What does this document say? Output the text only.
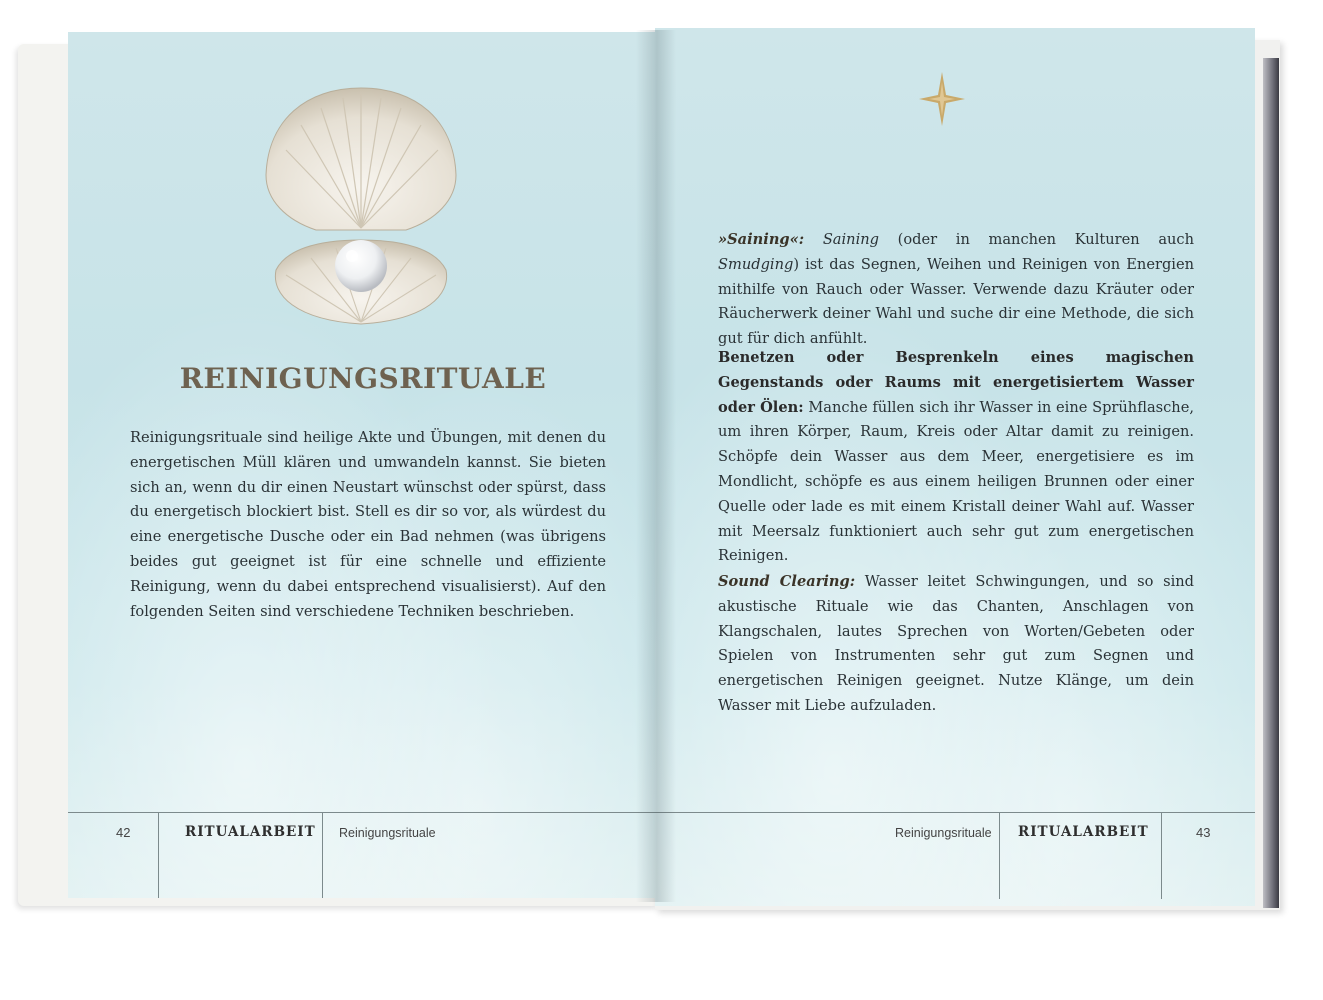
REINIGUNGSRITUALE

Reinigungsrituale sind heilige Akte und Übungen, mit denen du energetischen Müll klären und umwandeln kannst. Sie bieten sich an, wenn du dir einen Neustart wünschst oder spürst, dass du energetisch blockiert bist. Stell es dir so vor, als würdest du eine energetische Dusche oder ein Bad nehmen (was übrigens beides gut geeignet ist für eine schnelle und effiziente Reinigung, wenn du dabei entsprechend visualisierst). Auf den folgenden Seiten sind verschiedene Techniken beschrieben.

42	RITUALARBEIT Reinigungsrituale

»Saining«: Saining (oder in manchen Kulturen auch Smudging) ist das Segnen, Weihen und Reinigen von Energien mithilfe von Rauch oder Wasser. Verwende dazu Kräuter oder Räucherwerk deiner Wahl und suche dir eine Methode, die sich gut für dich anfühlt.

Benetzen oder Besprenkeln eines magischen Gegenstands oder Raums mit energetisiertem Wasser oder Ölen: Manche füllen sich ihr Wasser in eine Sprühflasche, um ihren Körper, Raum, Kreis oder Altar damit zu reinigen. Schöpfe dein Wasser aus dem Meer, energetisiere es im Mondlicht, schöpfe es aus einem heiligen Brunnen oder einer Quelle oder lade es mit einem Kristall deiner Wahl auf. Wasser mit Meersalz funktioniert auch sehr gut zum energetischen Reinigen.

Sound Clearing: Wasser leitet Schwingungen, und so sind akustische Rituale wie das Chanten, Anschlagen von Klangschalen, lautes Sprechen von Worten/Gebeten oder Spielen von Instrumenten sehr gut zum Segnen und energetischen Reinigen geeignet. Nutze Klänge, um dein Wasser mit Liebe aufzuladen.

Reinigungsrituale RITUALARBEIT	43
